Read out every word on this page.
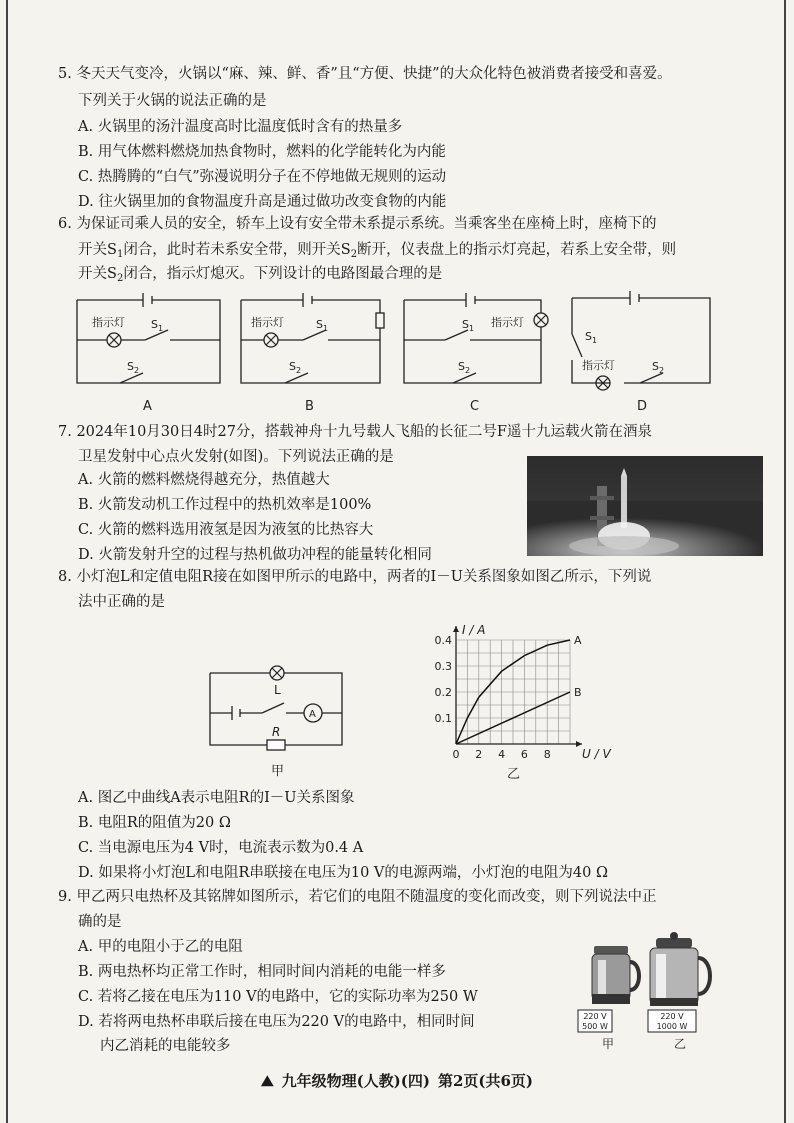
5. 冬天天气变冷，火锅以“麻、辣、鲜、香”且“方便、快捷”的大众化特色被消费者接受和喜爱。
下列关于火锅的说法正确的是
A. 火锅里的汤汁温度高时比温度低时含有的热量多
B. 用气体燃料燃烧加热食物时，燃料的化学能转化为内能
C. 热腾腾的“白气”弥漫说明分子在不停地做无规则的运动
D. 往火锅里加的食物温度升高是通过做功改变食物的内能
6. 为保证司乘人员的安全，轿车上设有安全带未系提示系统。当乘客坐在座椅上时，座椅下的
开关$S_1$闭合，此时若未系安全带，则开关$S_2$断开，仪表盘上的指示灯亮起，若系上安全带，则
开关$S_2$闭合，指示灯熄灭。下列设计的电路图最合理的是
指示灯 $S_1$
$S_2$
指示灯	$S_1$
$S_2$
指示灯
$S_1$
$S_2$
$S_1$
指示灯	$S_2$
A	B	C	D
7. 2024年10月30日4时27分，搭载神舟十九号载人飞船的长征二号F遥十九运载火箭在酒泉
卫星发射中心点火发射(如图)。下列说法正确的是
A. 火箭的燃料燃烧得越充分，热值越大
B. 火箭发动机工作过程中的热机效率是100%
C. 火箭的燃料选用液氢是因为液氢的比热容大
D. 火箭发射升空的过程与热机做功冲程的能量转化相同
8. 小灯泡L和定值电阻R接在如图甲所示的电路中，两者的I－U关系图象如图乙所示，下列说
法中正确的是
L
A
R
甲
0 2 4 6 8
0.1
0.2
0.3
0.4
I / A
U / V
A
B
乙
A. 图乙中曲线A表示电阻R的I－U关系图象
B. 电阻R的阻值为20 Ω
C. 当电源电压为4 V时，电流表示数为0.4 A
D. 如果将小灯泡L和电阻R串联接在电压为10 V的电源两端，小灯泡的电阻为40 Ω
9. 甲乙两只电热杯及其铭牌如图所示，若它们的电阻不随温度的变化而改变，则下列说法中正
确的是
A. 甲的电阻小于乙的电阻
B. 两电热杯均正常工作时，相同时间内消耗的电能一样多
C. 若将乙接在电压为110 V的电路中，它的实际功率为250 W
D. 若将两电热杯串联后接在电压为220 V的电路中，相同时间
内乙消耗的电能较多
220 V
500 W
220 V
1000 W
甲	乙
⛰ 九年级物理(人教)(四) 第2页(共6页)
